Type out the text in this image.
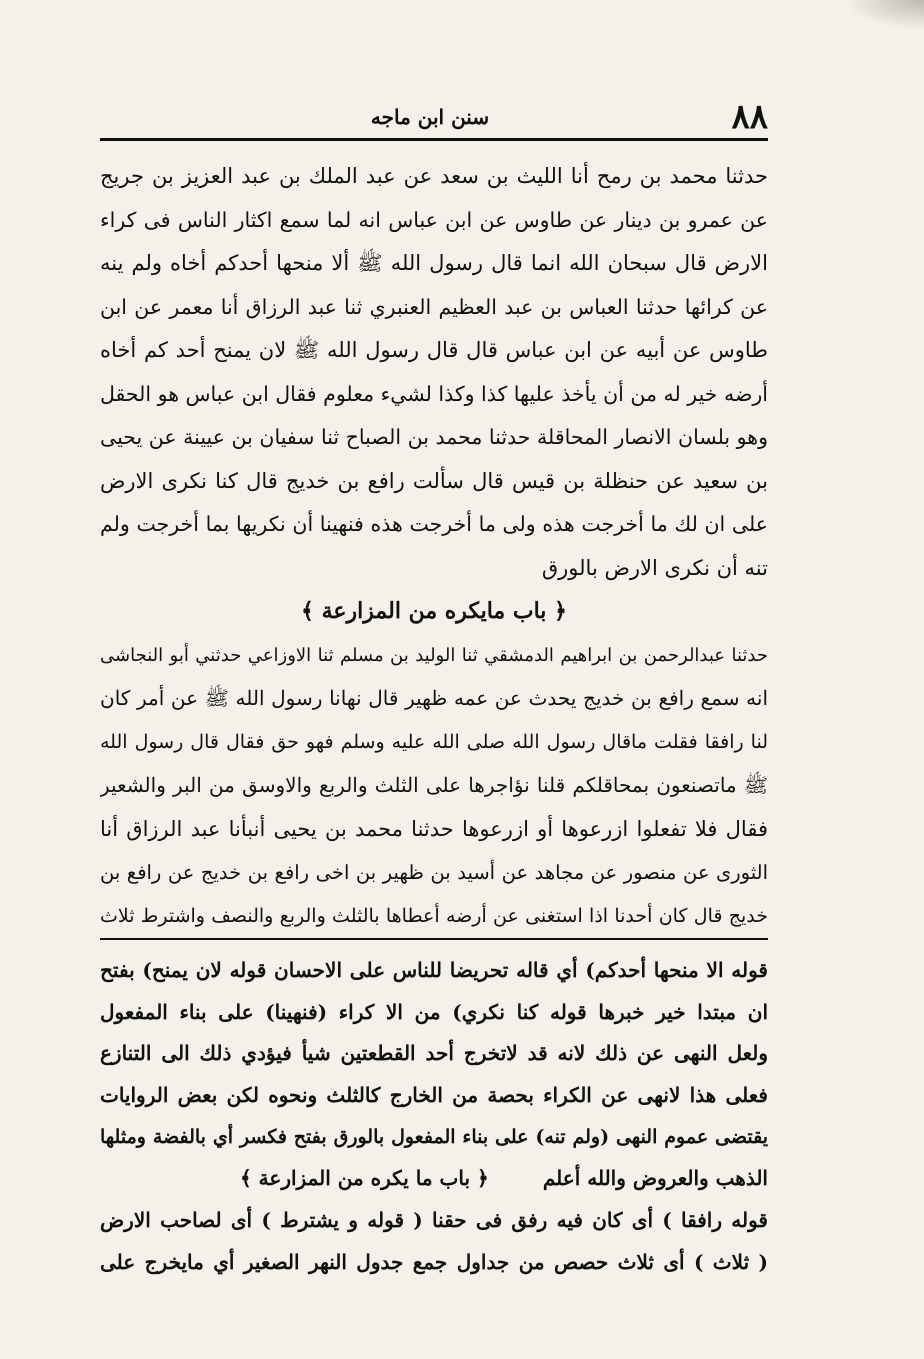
٨٨
سنن ابن ماجه
حدثنا محمد بن رمح أنا الليث بن سعد عن عبد الملك بن عبد العزيز بن جريج
عن عمرو بن دينار عن طاوس عن ابن عباس انه لما سمع اكثار الناس فى كراء
الارض قال سبحان الله انما قال رسول الله ﷺ ألا منحها أحدكم أخاه ولم ينه
عن كرائها حدثنا العباس بن عبد العظيم العنبري ثنا عبد الرزاق أنا معمر عن ابن
طاوس عن أبيه عن ابن عباس قال قال رسول الله ﷺ لان يمنح أحد كم أخاه
أرضه خير له من أن يأخذ عليها كذا وكذا لشيء معلوم فقال ابن عباس هو الحقل
وهو بلسان الانصار المحاقلة حدثنا محمد بن الصباح ثنا سفيان بن عيينة عن يحيى
بن سعيد عن حنظلة بن قيس قال سألت رافع بن خديج قال كنا نكرى الارض
على ان لك ما أخرجت هذه ولى ما أخرجت هذه فنهينا أن نكريها بما أخرجت ولم
تنه أن نكرى الارض بالورق
﴿ باب مايكره من المزارعة ﴾
حدثنا عبدالرحمن بن ابراهيم الدمشقي ثنا الوليد بن مسلم ثنا الاوزاعي حدثني أبو النجاشى
انه سمع رافع بن خديج يحدث عن عمه ظهير قال نهانا رسول الله ﷺ عن أمر كان
لنا رافقا فقلت ماقال رسول الله صلى الله عليه وسلم فهو حق فقال قال رسول الله
ﷺ ماتصنعون بمحاقلكم قلنا نؤاجرها على الثلث والربع والاوسق من البر والشعير
فقال فلا تفعلوا ازرعوها أو ازرعوها حدثنا محمد بن يحيى أنبأنا عبد الرزاق أنا
الثورى عن منصور عن مجاهد عن أسيد بن ظهير بن اخى رافع بن خديج عن رافع بن
خديج قال كان أحدنا اذا استغنى عن أرضه أعطاها بالثلث والربع والنصف واشترط ثلاث
قوله الا منحها أحدكم) أي قاله تحريضا للناس على الاحسان قوله لان يمنح) بفتح
ان مبتدا خير خبرها قوله كنا نكري) من الا كراء (فنهينا) على بناء المفعول
ولعل النهى عن ذلك لانه قد لاتخرج أحد القطعتين شيأ فيؤدي ذلك الى التنازع
فعلى هذا لانهى عن الكراء بحصة من الخارج كالثلث ونحوه لكن بعض الروايات
يقتضى عموم النهى (ولم تنه) على بناء المفعول بالورق بفتح فكسر أي بالفضة ومثلها
الذهب والعروض والله أعلم
﴿ باب ما يكره من المزارعة ﴾
قوله رافقا ) أى كان فيه رفق فى حقنا ( قوله و يشترط ) أى لصاحب الارض
( ثلاث ) أى ثلاث حصص من جداول جمع جدول النهر الصغير أي مايخرج على
